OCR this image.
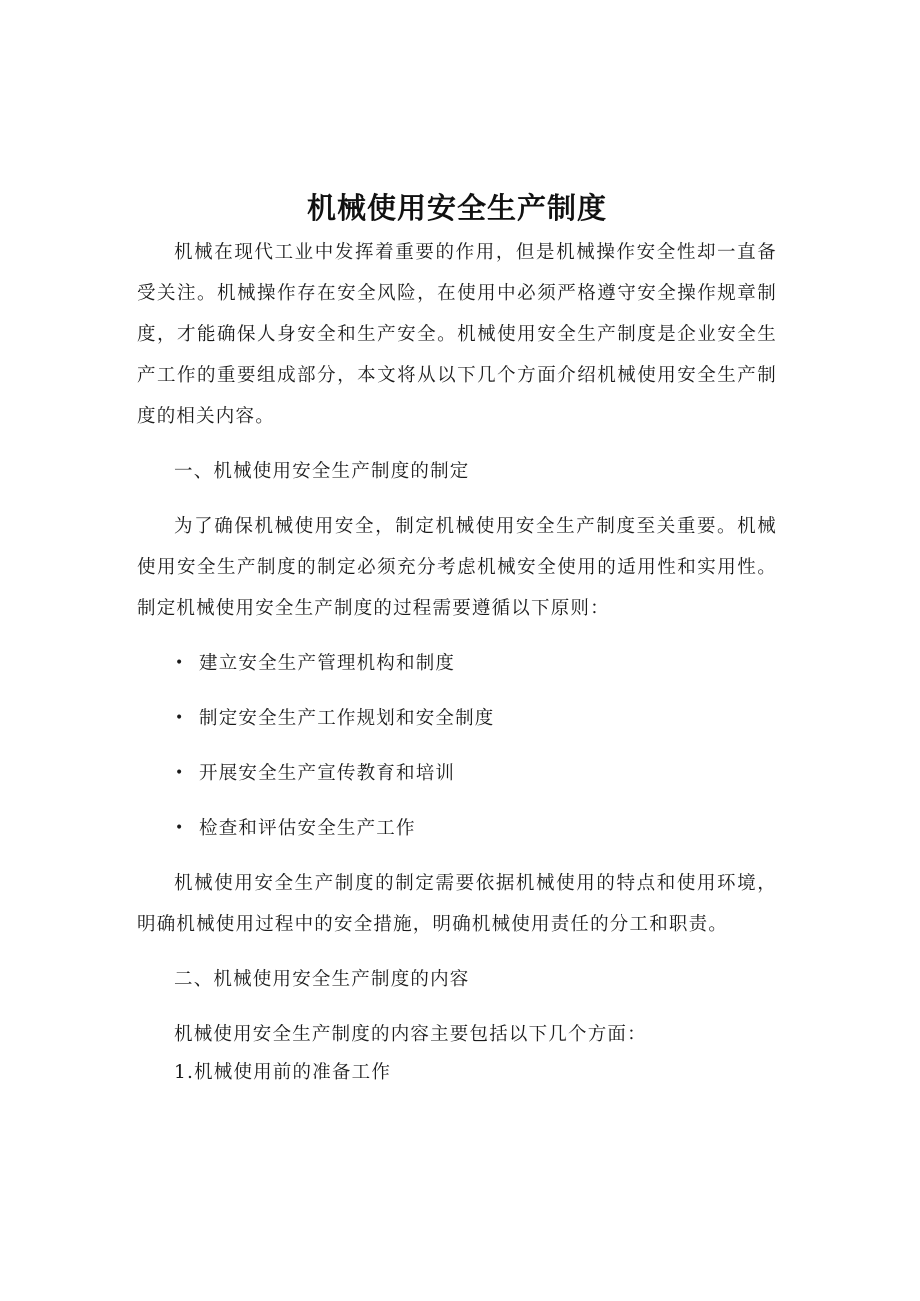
机械使用安全生产制度

机械在现代工业中发挥着重要的作用，但是机械操作安全性却一直备受关注。机械操作存在安全风险，在使用中必须严格遵守安全操作规章制度，才能确保人身安全和生产安全。机械使用安全生产制度是企业安全生产工作的重要组成部分，本文将从以下几个方面介绍机械使用安全生产制度的相关内容。

一、机械使用安全生产制度的制定

为了确保机械使用安全，制定机械使用安全生产制度至关重要。机械使用安全生产制度的制定必须充分考虑机械安全使用的适用性和实用性。制定机械使用安全生产制度的过程需要遵循以下原则：

• 建立安全生产管理机构和制度
• 制定安全生产工作规划和安全制度
• 开展安全生产宣传教育和培训
• 检查和评估安全生产工作

机械使用安全生产制度的制定需要依据机械使用的特点和使用环境，明确机械使用过程中的安全措施，明确机械使用责任的分工和职责。

二、机械使用安全生产制度的内容

机械使用安全生产制度的内容主要包括以下几个方面：

1.机械使用前的准备工作
